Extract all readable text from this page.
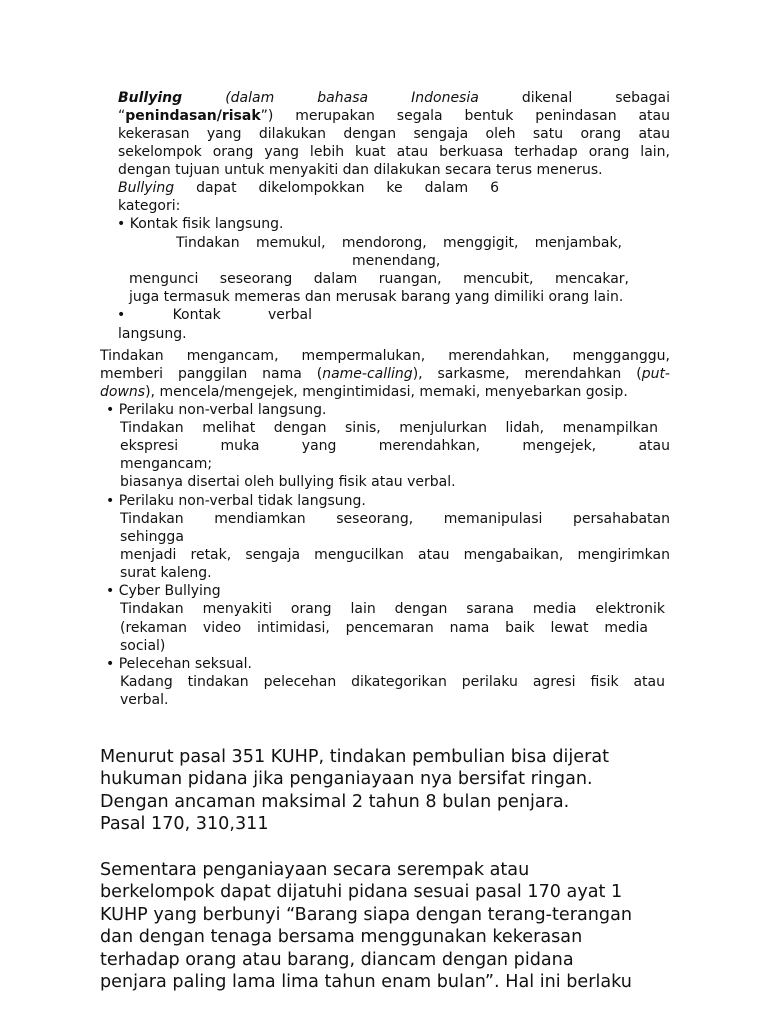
Bullying	(dalam bahasa Indonesia	dikenal sebagai
“penindasan/risak”) merupakan segala bentuk penindasan atau
kekerasan yang dilakukan dengan sengaja oleh satu orang atau
sekelompok orang yang lebih kuat atau berkuasa terhadap orang lain,
dengan tujuan untuk menyakiti dan dilakukan secara terus menerus.
Bullying dapat dikelompokkan ke dalam 6
kategori:
• Kontak fisik langsung.
Tindakan memukul, mendorong, menggigit, menjambak,
menendang,
mengunci seseorang dalam ruangan, mencubit, mencakar,
juga termasuk memeras dan merusak barang yang dimiliki orang lain.
•	Kontak verbal
langsung.
Tindakan mengancam, mempermalukan, merendahkan, mengganggu,
memberi panggilan nama (name-calling), sarkasme, merendahkan (put-
downs), mencela/mengejek, mengintimidasi, memaki, menyebarkan gosip.
• Perilaku non-verbal langsung.
Tindakan melihat dengan sinis, menjulurkan lidah, menampilkan
ekspresi muka yang merendahkan, mengejek, atau
mengancam;
biasanya disertai oleh bullying fisik atau verbal.
• Perilaku non-verbal tidak langsung.
Tindakan mendiamkan seseorang, memanipulasi persahabatan
sehingga
menjadi retak, sengaja mengucilkan atau mengabaikan, mengirimkan
surat kaleng.
• Cyber Bullying
Tindakan menyakiti orang lain dengan sarana media elektronik
(rekaman video intimidasi, pencemaran nama baik lewat media
social)
• Pelecehan seksual.
Kadang tindakan pelecehan dikategorikan perilaku agresi fisik atau
verbal.
Menurut pasal 351 KUHP, tindakan pembulian bisa dijerat
hukuman pidana jika penganiayaan nya bersifat ringan.
Dengan ancaman maksimal 2 tahun 8 bulan penjara.
Pasal 170, 310,311
Sementara penganiayaan secara serempak atau
berkelompok dapat dijatuhi pidana sesuai pasal 170 ayat 1
KUHP yang berbunyi “Barang siapa dengan terang-terangan
dan dengan tenaga bersama menggunakan kekerasan
terhadap orang atau barang, diancam dengan pidana
penjara paling lama lima tahun enam bulan”. Hal ini berlaku
